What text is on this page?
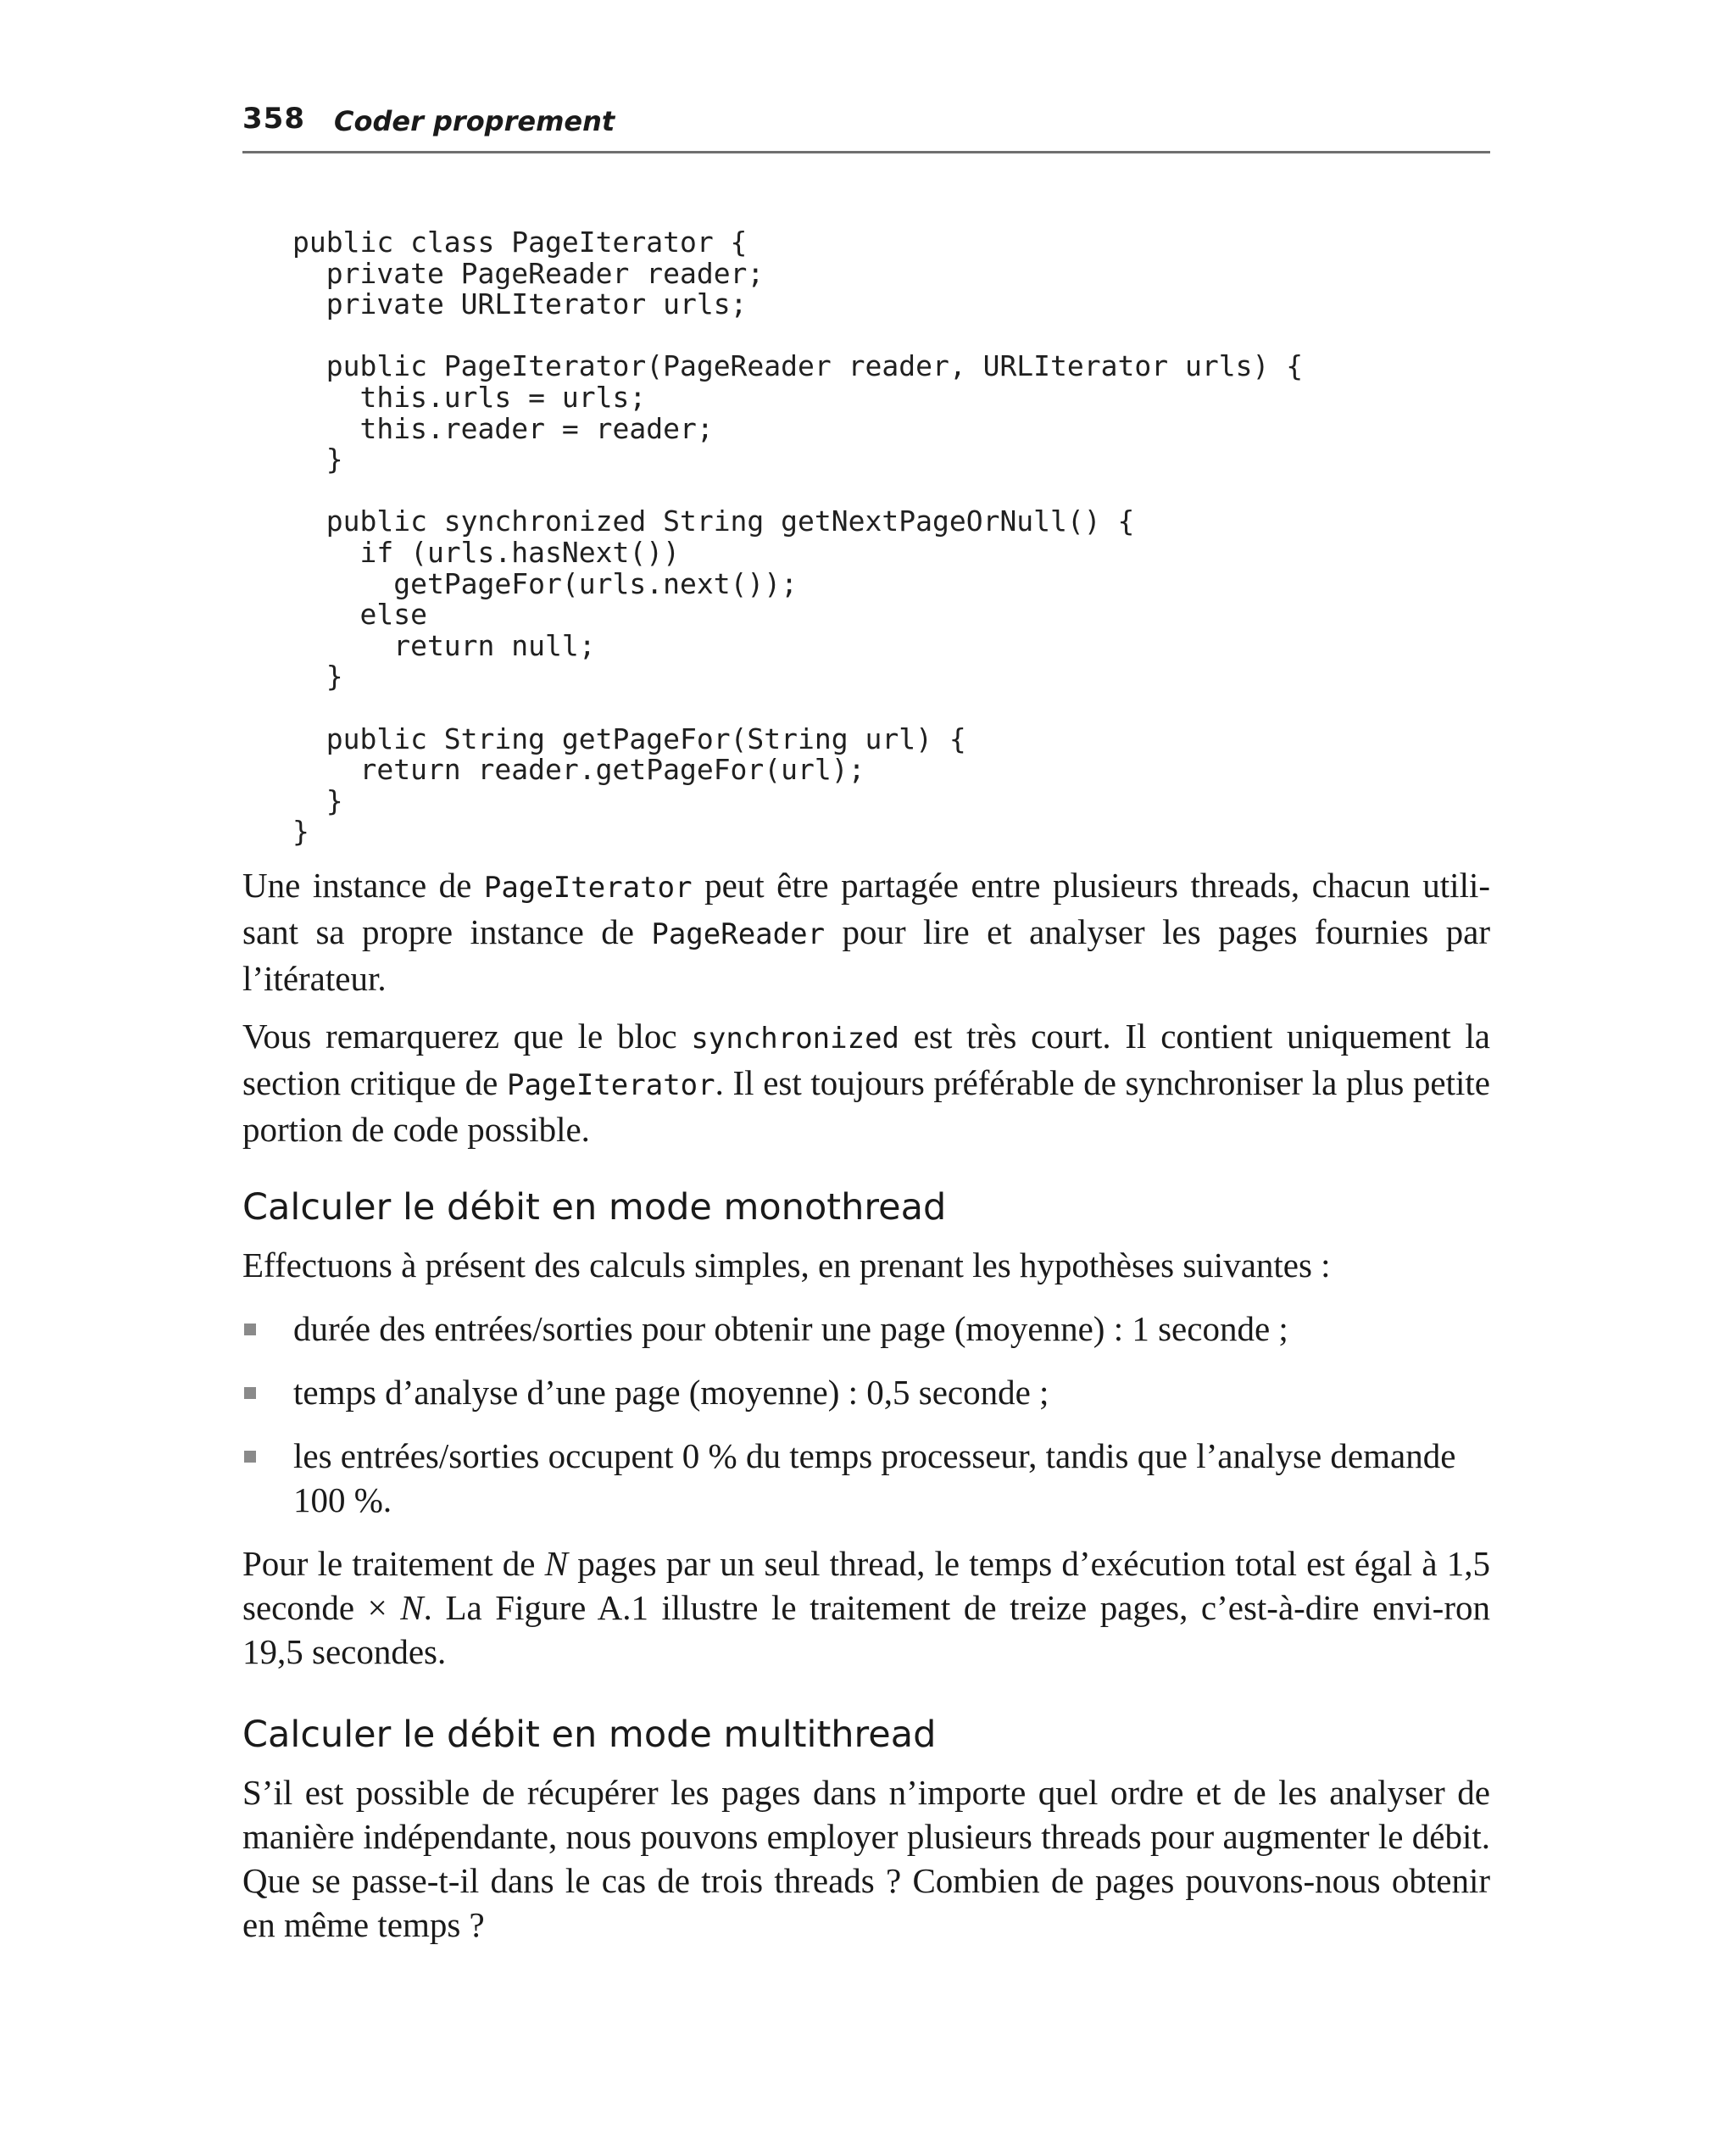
358 Coder proprement
public class PageIterator {
private PageReader reader;
private URLIterator urls;

public PageIterator(PageReader reader, URLIterator urls) {
this.urls = urls;
this.reader = reader;
}

public synchronized String getNextPageOrNull() {
if (urls.hasNext())
getPageFor(urls.next());
else
return null;
}

public String getPageFor(String url) {
return reader.getPageFor(url);
}
}

Une instance de PageIterator peut être partagée entre plusieurs threads, chacun utili-sant sa propre instance de PageReader pour lire et analyser les pages fournies par l’itérateur.

Vous remarquerez que le bloc synchronized est très court. Il contient uniquement la section critique de PageIterator. Il est toujours préférable de synchroniser la plus petite portion de code possible.

Calculer le débit en mode monothread

Effectuons à présent des calculs simples, en prenant les hypothèses suivantes :

durée des entrées/sorties pour obtenir une page (moyenne) : 1 seconde ;
temps d’analyse d’une page (moyenne) : 0,5 seconde ;
les entrées/sorties occupent 0 % du temps processeur, tandis que l’analyse demande 100 %.

Pour le traitement de N pages par un seul thread, le temps d’exécution total est égal à 1,5 seconde × N. La Figure A.1 illustre le traitement de treize pages, c’est-à-dire envi-ron 19,5 secondes.

Calculer le débit en mode multithread

S’il est possible de récupérer les pages dans n’importe quel ordre et de les analyser de manière indépendante, nous pouvons employer plusieurs threads pour augmenter le débit. Que se passe-t-il dans le cas de trois threads ? Combien de pages pouvons-nous obtenir en même temps ?
